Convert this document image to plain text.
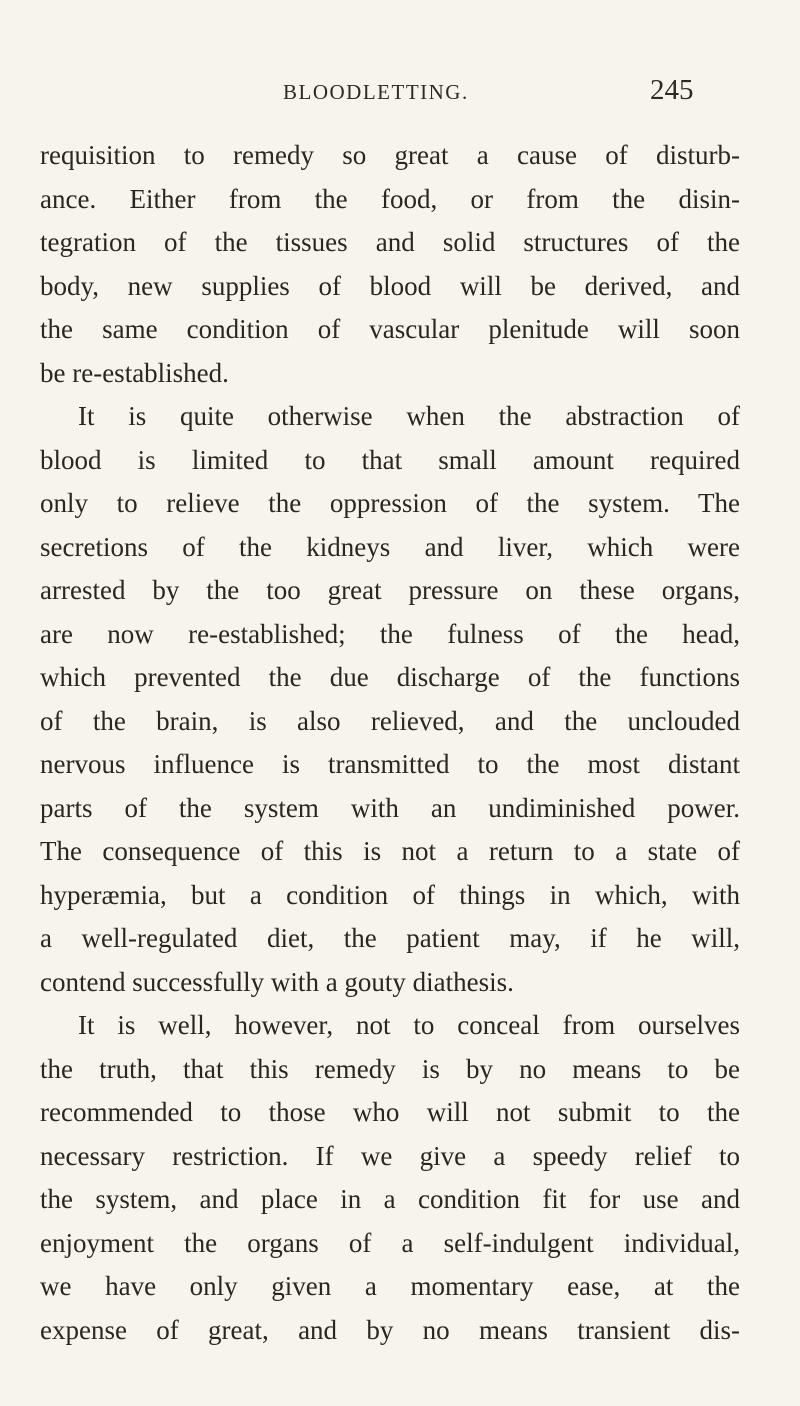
BLOODLETTING.	245
requisition to remedy so great a cause of disturb-
ance. Either from the food, or from the disin-
tegration of the tissues and solid structures of the
body, new supplies of blood will be derived, and
the same condition of vascular plenitude will soon
be re-established.
It is quite otherwise when the abstraction of
blood is limited to that small amount required
only to relieve the oppression of the system. The
secretions of the kidneys and liver, which were
arrested by the too great pressure on these organs,
are now re-established; the fulness of the head,
which prevented the due discharge of the functions
of the brain, is also relieved, and the unclouded
nervous influence is transmitted to the most distant
parts of the system with an undiminished power.
The consequence of this is not a return to a state of
hyperæmia, but a condition of things in which, with
a well-regulated diet, the patient may, if he will,
contend successfully with a gouty diathesis.
It is well, however, not to conceal from ourselves
the truth, that this remedy is by no means to be
recommended to those who will not submit to the
necessary restriction. If we give a speedy relief to
the system, and place in a condition fit for use and
enjoyment the organs of a self-indulgent individual,
we have only given a momentary ease, at the
expense of great, and by no means transient dis-
